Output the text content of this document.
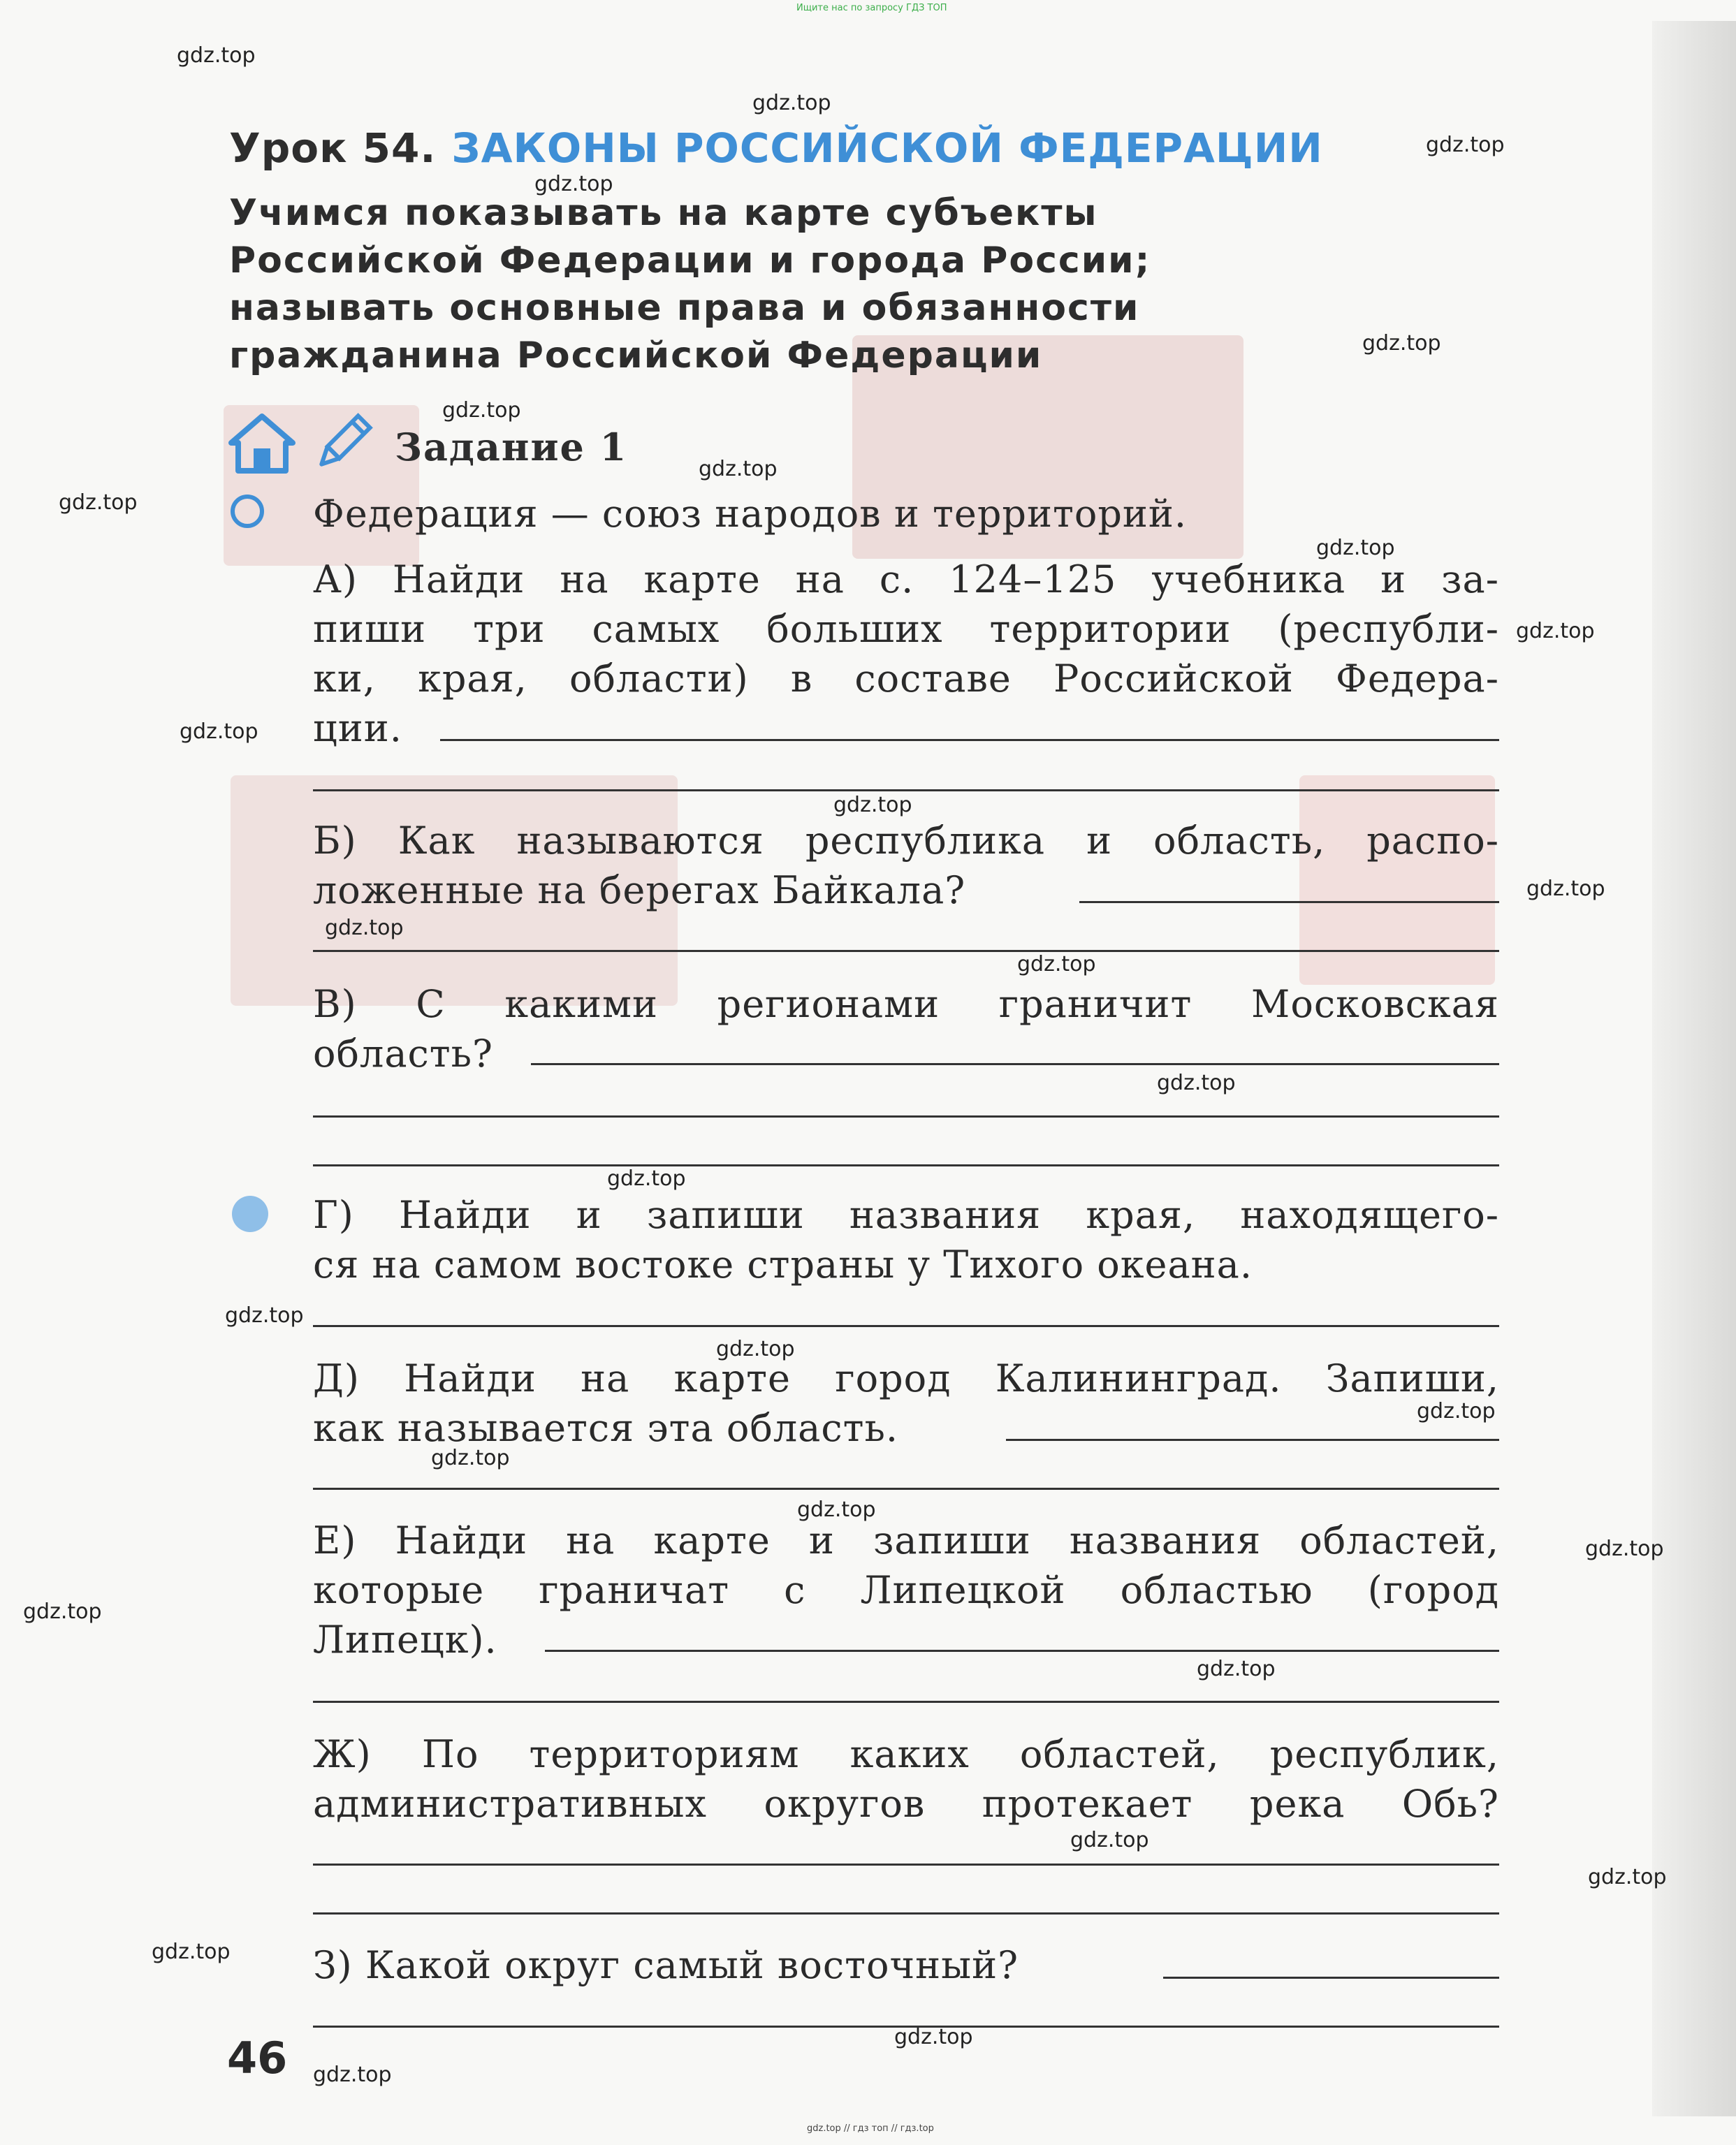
Ищите нас по запросу ГДЗ ТОП
Урок 54. ЗАКОНЫ РОССИЙСКОЙ ФЕДЕРАЦИИ
Учимся показывать на карте субъекты
Российской Федерации и города России;
называть основные права и обязанности
гражданина Российской Федерации
Задание 1
Федерация — союз народов и территорий.
А) Найди на карте на с. 124–125 учебника и за-
пиши три самых больших территории (республи-
ки, края, области) в составе Российской Федера-
ции.
Б) Как называются республика и область, распо-
ложенные на берегах Байкала?
В) С какими регионами граничит Московская
область?
Г) Найди и запиши названия края, находящего-
ся на самом востоке страны у Тихого океана.
Д) Найди на карте город Калининград. Запиши,
как называется эта область.
Е) Найди на карте и запиши названия областей,
которые граничат с Липецкой областью (город
Липецк).
Ж) По территориям каких областей, республик,
административных округов протекает река Обь?
З) Какой округ самый восточный?
46
gdz.top
gdz.top
gdz.top
gdz.top
gdz.top
gdz.top
gdz.top
gdz.top
gdz.top
gdz.top
gdz.top
gdz.top
gdz.top
gdz.top
gdz.top
gdz.top
gdz.top
gdz.top
gdz.top
gdz.top
gdz.top
gdz.top
gdz.top
gdz.top
gdz.top
gdz.top
gdz.top
gdz.top
gdz.top
gdz.top
gdz.top // гдз топ // гдз.top
